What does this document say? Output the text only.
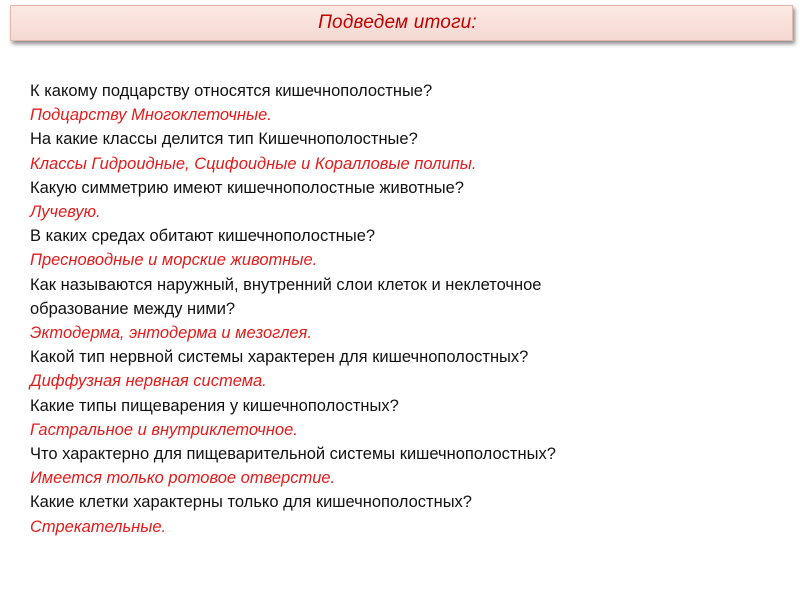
Подведем итоги:
К какому подцарству относятся кишечнополостные?
Подцарству Многоклеточные.
На какие классы делится тип Кишечнополостные?
Классы Гидроидные, Сцифоидные и Коралловые полипы.
Какую симметрию имеют кишечнополостные животные?
Лучевую.
В каких средах обитают кишечнополостные?
Пресноводные и морские животные.
Как называются наружный, внутренний слои клеток и неклеточное
образование между ними?
Эктодерма, энтодерма и мезоглея.
Какой тип нервной системы характерен для кишечнополостных?
Диффузная нервная система.
Какие типы пищеварения у кишечнополостных?
Гастральное и внутриклеточное.
Что характерно для пищеварительной системы кишечнополостных?
Имеется только ротовое отверстие.
Какие клетки характерны только для кишечнополостных?
Стрекательные.
